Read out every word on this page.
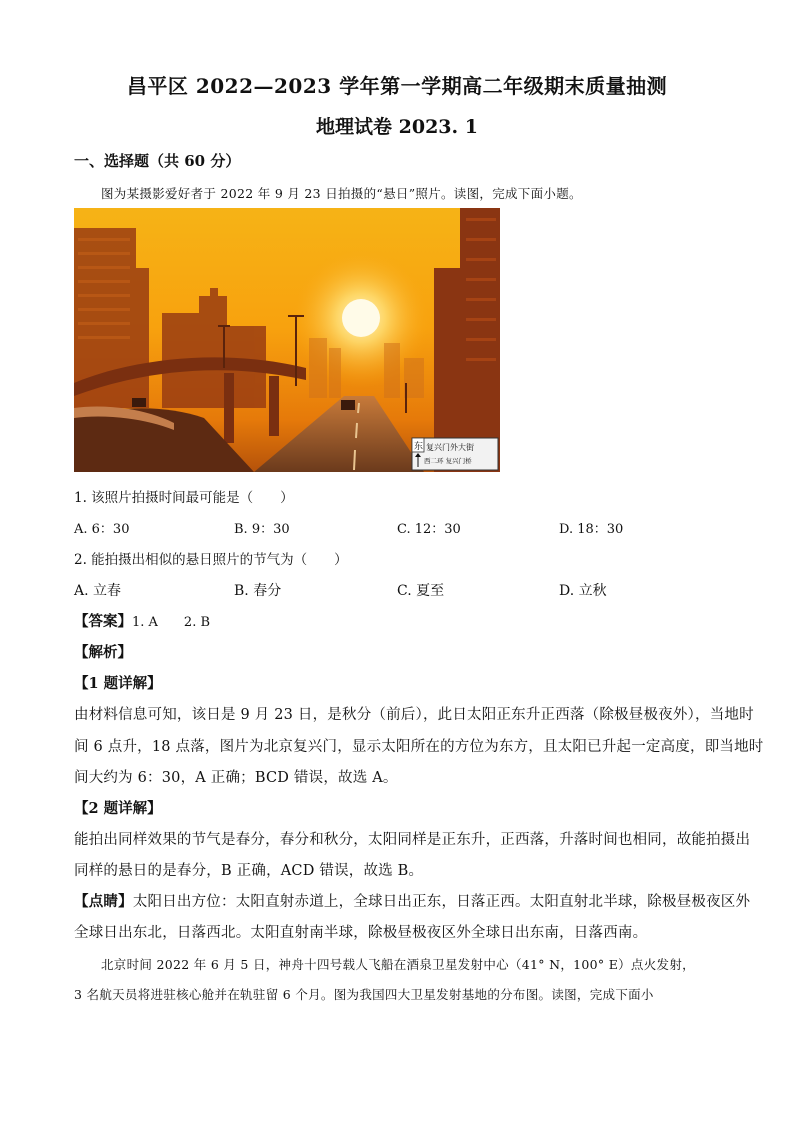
昌平区 2022—2023 学年第一学期高二年级期末质量抽测
地理试卷 2023. 1
一、选择题（共 60 分）
图为某摄影爱好者于 2022 年 9 月 23 日拍摄的“悬日”照片。读图，完成下面小题。
东 复兴门外大街
西二环 复兴门桥
1. 该照片拍摄时间最可能是（　　）
A. 6：30	B. 9：30	C. 12：30	D. 18：30
2. 能拍摄出相似的悬日照片的节气为（　　）
A. 立春	B. 春分	C. 夏至	D. 立秋
【答案】1. A　　2. B
【解析】
【1 题详解】
由材料信息可知，该日是 9 月 23 日，是秋分（前后），此日太阳正东升正西落（除极昼极夜外），当地时
间 6 点升，18 点落，图片为北京复兴门，显示太阳所在的方位为东方，且太阳已升起一定高度，即当地时
间大约为 6：30，A 正确；BCD 错误，故选 A。
【2 题详解】
能拍出同样效果的节气是春分，春分和秋分，太阳同样是正东升，正西落，升落时间也相同，故能拍摄出
同样的悬日的是春分，B 正确，ACD 错误，故选 B。
【点睛】太阳日出方位：太阳直射赤道上，全球日出正东，日落正西。太阳直射北半球，除极昼极夜区外
全球日出东北，日落西北。太阳直射南半球，除极昼极夜区外全球日出东南，日落西南。
北京时间 2022 年 6 月 5 日，神舟十四号载人飞船在酒泉卫星发射中心（41° N，100° E）点火发射，
3 名航天员将进驻核心舱并在轨驻留 6 个月。图为我国四大卫星发射基地的分布图。读图，完成下面小
